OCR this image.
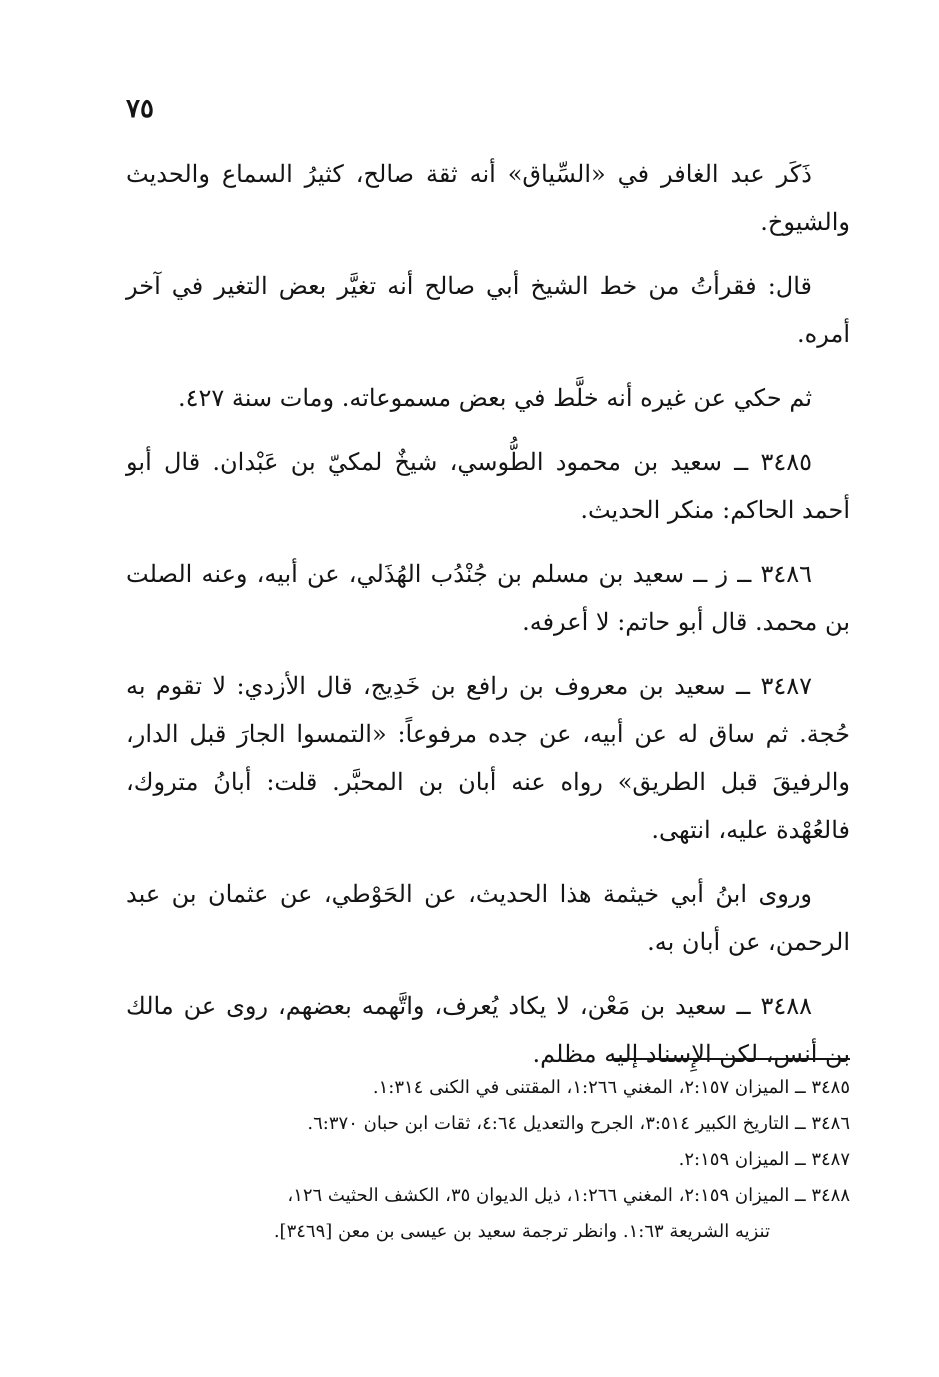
٧٥

ذَكَر عبد الغافر في «السِّياق» أنه ثقة صالح، كثيرُ السماع والحديث والشيوخ.

قال: فقرأتُ من خط الشيخ أبي صالح أنه تغيَّر بعض التغير في آخر أمره.

ثم حكي عن غيره أنه خلَّط في بعض مسموعاته. ومات سنة ٤٢٧.

٣٤٨٥ ــ سعيد بن محمود الطُّوسي، شيخٌ لمكيّ بن عَبْدان. قال أبو أحمد الحاكم: منكر الحديث.

٣٤٨٦ ــ ز ــ سعيد بن مسلم بن جُنْدُب الهُذَلي، عن أبيه، وعنه الصلت بن محمد. قال أبو حاتم: لا أعرفه.

٣٤٨٧ ــ سعيد بن معروف بن رافع بن خَدِيج، قال الأزدي: لا تقوم به حُجة. ثم ساق له عن أبيه، عن جده مرفوعاً: «التمسوا الجارَ قبل الدار، والرفيقَ قبل الطريق» رواه عنه أبان بن المحبَّر. قلت: أبانُ متروك، فالعُهْدة عليه، انتهى.

وروى ابنُ أبي خيثمة هذا الحديث، عن الحَوْطي، عن عثمان بن عبد الرحمن، عن أبان به.

٣٤٨٨ ــ سعيد بن مَعْن، لا يكاد يُعرف، واتَّهمه بعضهم، روى عن مالك بن أنس، لكن الإِسناد إليه مظلم.

٣٤٨٥ ــ الميزان ٢:١٥٧، المغني ١:٢٦٦، المقتنى في الكنى ١:٣١٤.

٣٤٨٦ ــ التاريخ الكبير ٣:٥١٤، الجرح والتعديل ٤:٦٤، ثقات ابن حبان ٦:٣٧٠.

٣٤٨٧ ــ الميزان ٢:١٥٩.

٣٤٨٨ ــ الميزان ٢:١٥٩، المغني ١:٢٦٦، ذيل الديوان ٣٥، الكشف الحثيث ١٢٦،

تنزيه الشريعة ١:٦٣. وانظر ترجمة سعيد بن عيسى بن معن [٣٤٦٩].
